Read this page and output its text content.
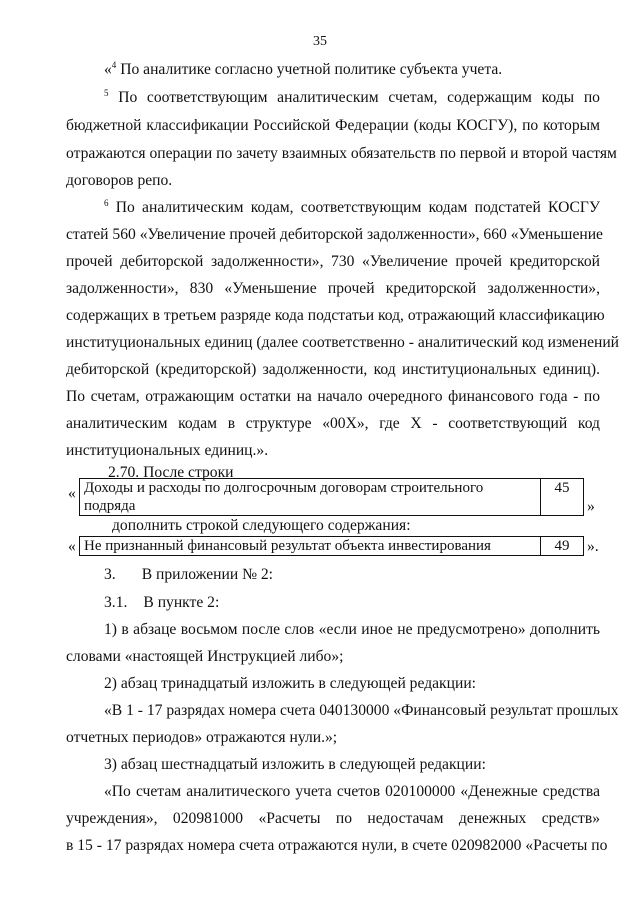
35
«$^4$ По аналитике согласно учетной политике субъекта учета.
$^5$ По соответствующим аналитическим счетам, содержащим коды по
бюджетной классификации Российской Федерации (коды КОСГУ), по которым
отражаются операции по зачету взаимных обязательств по первой и второй частям
договоров репо.
$^6$ По аналитическим кодам, соответствующим кодам подстатей КОСГУ
статей 560 «Увеличение прочей дебиторской задолженности», 660 «Уменьшение
прочей дебиторской задолженности», 730 «Увеличение прочей кредиторской
задолженности», 830 «Уменьшение прочей кредиторской задолженности»,
содержащих в третьем разряде кода подстатьи код, отражающий классификацию
институциональных единиц (далее соответственно - аналитический код изменений
дебиторской (кредиторской) задолженности, код институциональных единиц).
По счетам, отражающим остатки на начало очередного финансового года - по
аналитическим кодам в структуре «00Х», где Х - соответствующий код
институциональных единиц.».
2.70. После строки
« Доходы и расходы по долгосрочным договорам строительного
подряда
45
»
дополнить строкой следующего содержания:
« Не признанный финансовый результат объекта инвестирования	49	».
3. В приложении № 2:
3.1. В пункте 2:
1) в абзаце восьмом после слов «если иное не предусмотрено» дополнить
словами «настоящей Инструкцией либо»;
2) абзац тринадцатый изложить в следующей редакции:
«В 1 - 17 разрядах номера счета 040130000 «Финансовый результат прошлых
отчетных периодов» отражаются нули.»;
3) абзац шестнадцатый изложить в следующей редакции:
«По счетам аналитического учета счетов 020100000 «Денежные средства
учреждения», 020981000 «Расчеты по недостачам денежных средств»
в 15 - 17 разрядах номера счета отражаются нули, в счете 020982000 «Расчеты по
